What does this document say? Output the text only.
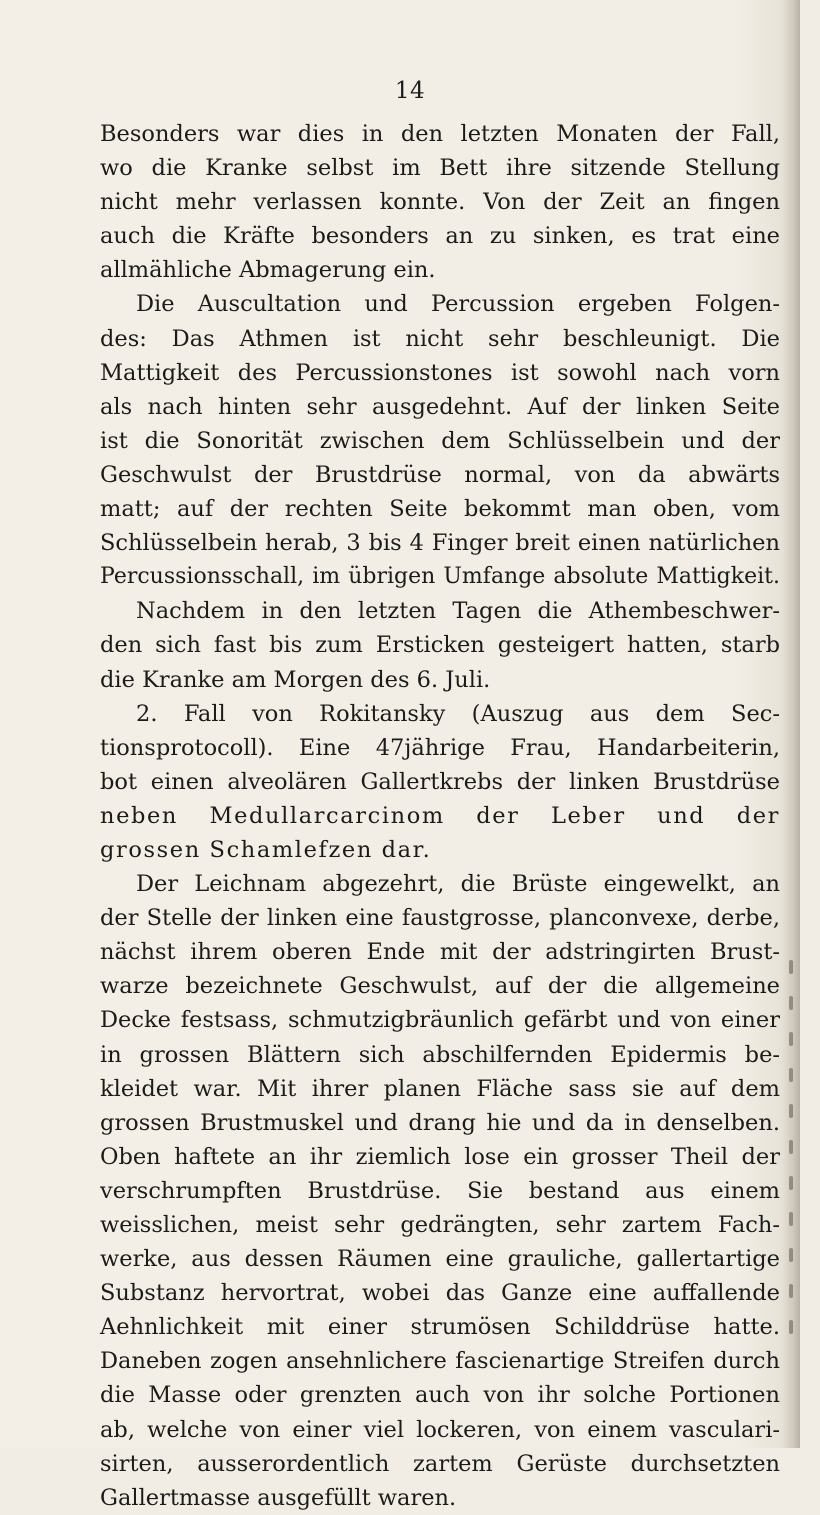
14
Besonders war dies in den letzten Monaten der Fall,
wo die Kranke selbst im Bett ihre sitzende Stellung
nicht mehr verlassen konnte. Von der Zeit an fingen
auch die Kräfte besonders an zu sinken, es trat eine
allmähliche Abmagerung ein.
Die Auscultation und Percussion ergeben Folgen-
des: Das Athmen ist nicht sehr beschleunigt. Die
Mattigkeit des Percussionstones ist sowohl nach vorn
als nach hinten sehr ausgedehnt. Auf der linken Seite
ist die Sonorität zwischen dem Schlüsselbein und der
Geschwulst der Brustdrüse normal, von da abwärts
matt; auf der rechten Seite bekommt man oben, vom
Schlüsselbein herab, 3 bis 4 Finger breit einen natürlichen
Percussionsschall, im übrigen Umfange absolute Mattigkeit.
Nachdem in den letzten Tagen die Athembeschwer-
den sich fast bis zum Ersticken gesteigert hatten, starb
die Kranke am Morgen des 6. Juli.
2. Fall von Rokitansky (Auszug aus dem Sec-
tionsprotocoll). Eine 47jährige Frau, Handarbeiterin,
bot einen alveolären Gallertkrebs der linken Brustdrüse
neben Medullarcarcinom der Leber und der
grossen Schamlefzen dar.
Der Leichnam abgezehrt, die Brüste eingewelkt, an
der Stelle der linken eine faustgrosse, planconvexe, derbe,
nächst ihrem oberen Ende mit der adstringirten Brust-
warze bezeichnete Geschwulst, auf der die allgemeine
Decke festsass, schmutzigbräunlich gefärbt und von einer
in grossen Blättern sich abschilfernden Epidermis be-
kleidet war. Mit ihrer planen Fläche sass sie auf dem
grossen Brustmuskel und drang hie und da in denselben.
Oben haftete an ihr ziemlich lose ein grosser Theil der
verschrumpften Brustdrüse. Sie bestand aus einem
weisslichen, meist sehr gedrängten, sehr zartem Fach-
werke, aus dessen Räumen eine grauliche, gallertartige
Substanz hervortrat, wobei das Ganze eine auffallende
Aehnlichkeit mit einer strumösen Schilddrüse hatte.
Daneben zogen ansehnlichere fascienartige Streifen durch
die Masse oder grenzten auch von ihr solche Portionen
ab, welche von einer viel lockeren, von einem vasculari-
sirten, ausserordentlich zartem Gerüste durchsetzten
Gallertmasse ausgefüllt waren.
